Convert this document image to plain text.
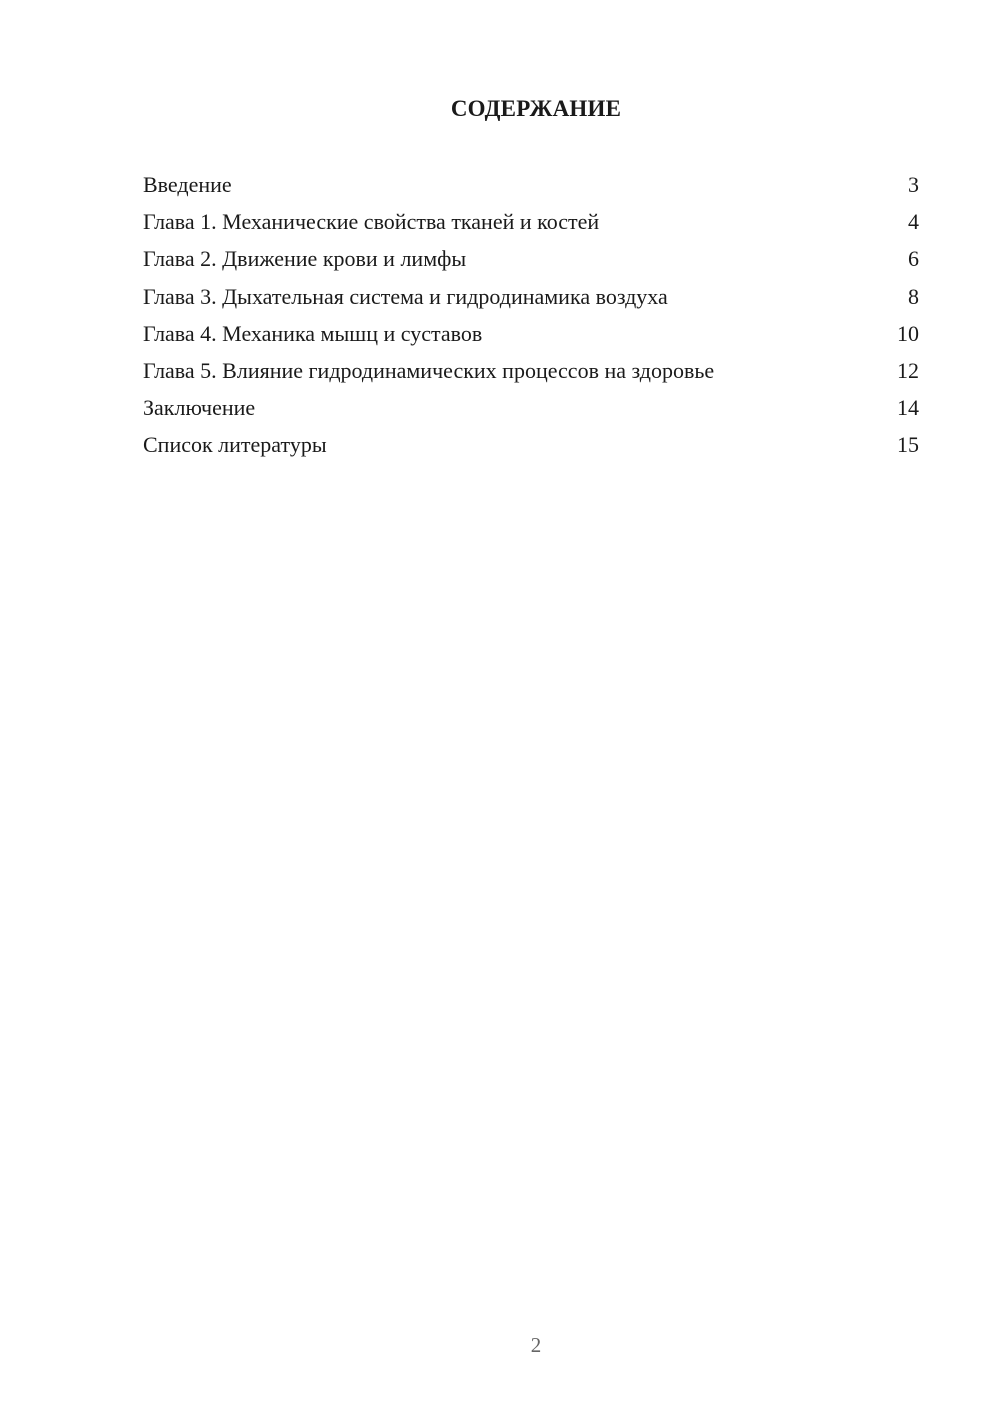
СОДЕРЖАНИЕ
Введение	3
Глава 1. Механические свойства тканей и костей	4
Глава 2. Движение крови и лимфы	6
Глава 3. Дыхательная система и гидродинамика воздуха	8
Глава 4. Механика мышц и суставов	10
Глава 5. Влияние гидродинамических процессов на здоровье	12
Заключение	14
Список литературы	15

2
